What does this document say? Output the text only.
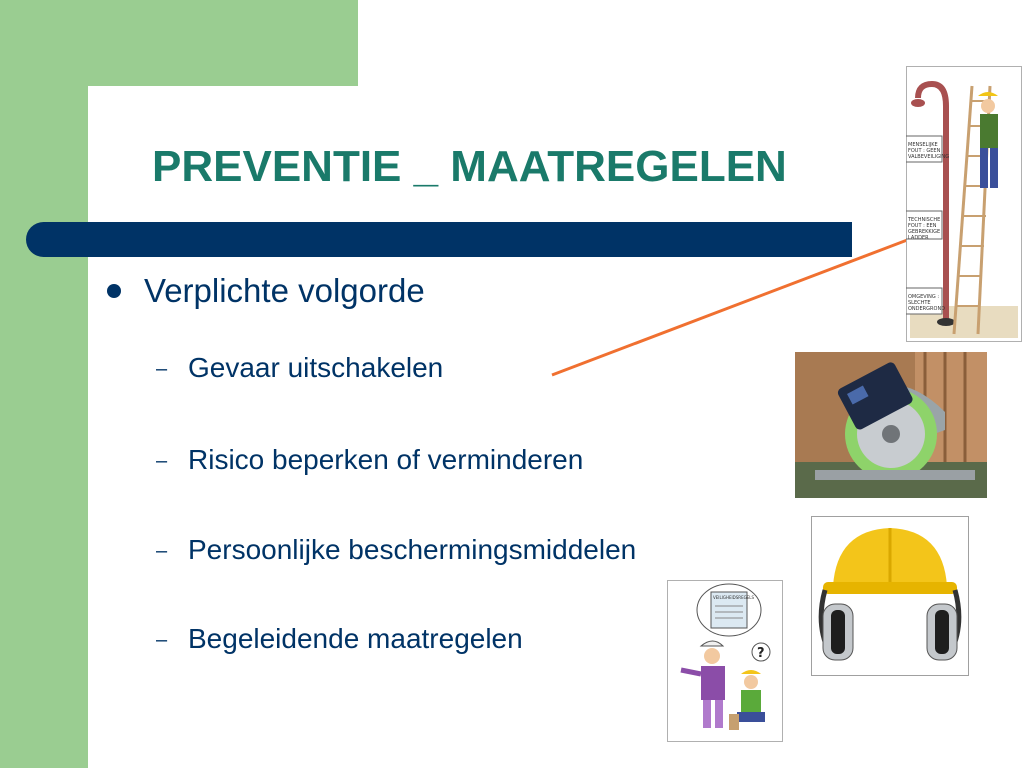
PREVENTIE _ MAATREGELEN
Verplichte volgorde
– Gevaar uitschakelen
– Risico beperken of verminderen
– Persoonlijke beschermingsmiddelen
– Begeleidende maatregelen
MENSELIJKE
FOUT : GEEN
VALBEVEILIGING
TECHNISCHE
FOUT : EEN
GEBREKKIGE
LADDER
OMGEVING :
SLECHTE
ONDERGROND
VEILIGHEIDSREGELS
?
